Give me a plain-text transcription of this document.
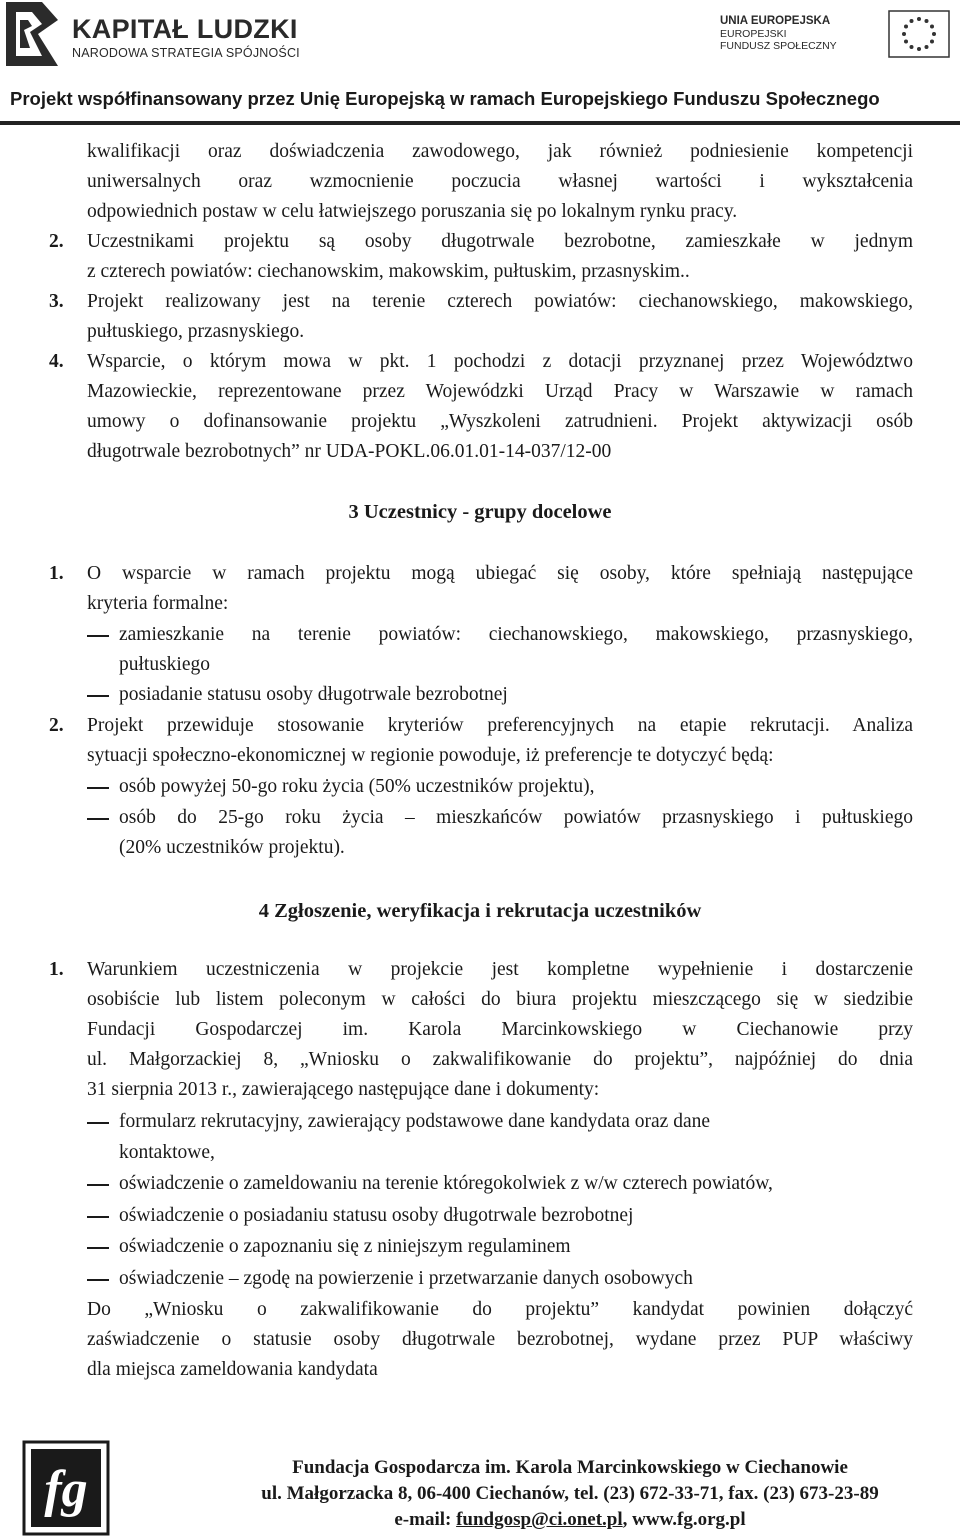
KAPITAŁ LUDZKI
NARODOWA STRATEGIA SPÓJNOŚCI
UNIA EUROPEJSKA
EUROPEJSKI
FUNDUSZ SPOŁECZNY
Projekt współfinansowany przez Unię Europejską w ramach Europejskiego Funduszu Społecznego
kwalifikacji oraz doświadczenia zawodowego, jak również podniesienie kompetencji
uniwersalnych oraz wzmocnienie poczucia własnej wartości i wykształcenia
odpowiednich postaw w celu łatwiejszego poruszania się po lokalnym rynku pracy.
2. Uczestnikami projektu są osoby długotrwale bezrobotne, zamieszkałe w jednym
z czterech powiatów: ciechanowskim, makowskim, pułtuskim, przasnyskim..
3. Projekt realizowany jest na terenie czterech powiatów: ciechanowskiego, makowskiego,
pułtuskiego, przasnyskiego.
4. Wsparcie, o którym mowa w pkt. 1 pochodzi z dotacji przyznanej przez Województwo
Mazowieckie, reprezentowane przez Wojewódzki Urząd Pracy w Warszawie w ramach
umowy o dofinansowanie projektu „Wyszkoleni zatrudnieni. Projekt aktywizacji osób
długotrwale bezrobotnych” nr UDA-POKL.06.01.01-14-037/12-00
3 Uczestnicy - grupy docelowe
1. O wsparcie w ramach projektu mogą ubiegać się osoby, które spełniają następujące
kryteria formalne:
zamieszkanie na terenie powiatów: ciechanowskiego, makowskiego, przasnyskiego,
pułtuskiego
posiadanie statusu osoby długotrwale bezrobotnej
2. Projekt przewiduje stosowanie kryteriów preferencyjnych na etapie rekrutacji. Analiza
sytuacji społeczno-ekonomicznej w regionie powoduje, iż preferencje te dotyczyć będą:
osób powyżej 50-go roku życia (50% uczestników projektu),
osób do 25-go roku życia – mieszkańców powiatów przasnyskiego i pułtuskiego
(20% uczestników projektu).
4 Zgłoszenie, weryfikacja i rekrutacja uczestników
1. Warunkiem uczestniczenia w projekcie jest kompletne wypełnienie i dostarczenie
osobiście lub listem poleconym w całości do biura projektu mieszczącego się w siedzibie
Fundacji Gospodarczej im. Karola Marcinkowskiego w Ciechanowie przy
ul. Małgorzackiej 8, „Wniosku o zakwalifikowanie do projektu”, najpóźniej do dnia
31 sierpnia 2013 r., zawierającego następujące dane i dokumenty:
formularz rekrutacyjny, zawierający podstawowe dane kandydata oraz dane
kontaktowe,
oświadczenie o zameldowaniu na terenie któregokolwiek z w/w czterech powiatów,
oświadczenie o posiadaniu statusu osoby długotrwale bezrobotnej
oświadczenie o zapoznaniu się z niniejszym regulaminem
oświadczenie – zgodę na powierzenie i przetwarzanie danych osobowych
Do „Wniosku o zakwalifikowanie do projektu” kandydat powinien dołączyć
zaświadczenie o statusie osoby długotrwale bezrobotnej, wydane przez PUP właściwy
dla miejsca zameldowania kandydata
fg	Fundacja Gospodarcza im. Karola Marcinkowskiego w Ciechanowie
ul. Małgorzacka 8, 06-400 Ciechanów, tel. (23) 672-33-71, fax. (23) 673-23-89
e-mail: fundgosp@ci.onet.pl, www.fg.org.pl
